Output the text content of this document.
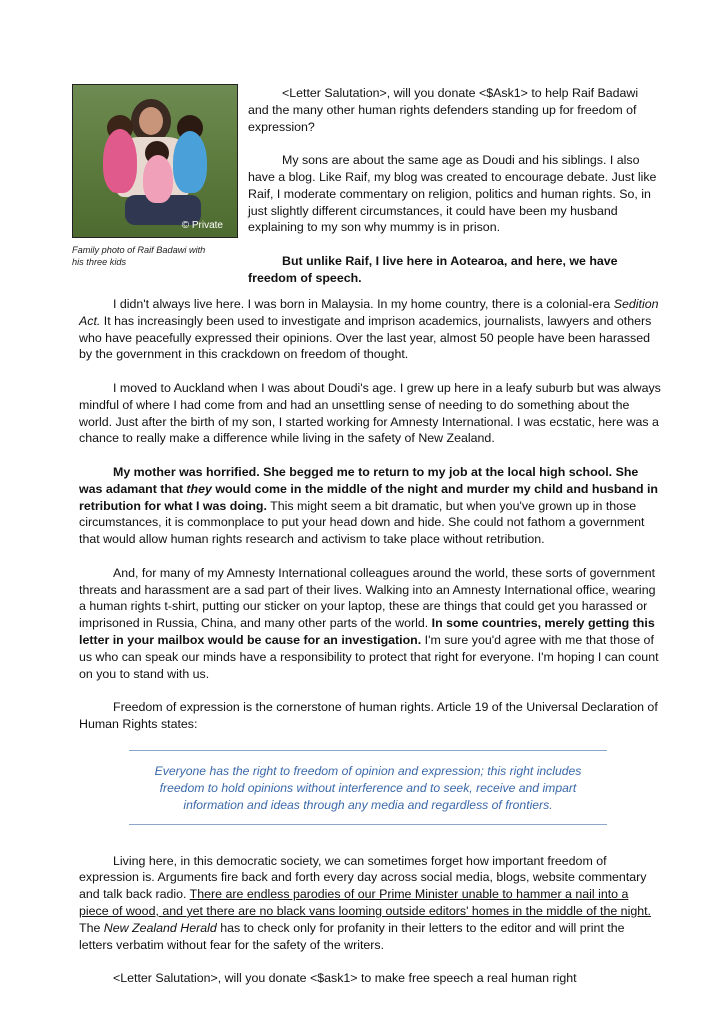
© Private
Family photo of Raif Badawi with
his three kids

<Letter Salutation>, will you donate <$Ask1> to help Raif Badawi and the many other human rights defenders standing up for freedom of expression?

My sons are about the same age as Doudi and his siblings. I also have a blog. Like Raif, my blog was created to encourage debate. Just like Raif, I moderate commentary on religion, politics and human rights. So, in just slightly different circumstances, it could have been my husband explaining to my son why mummy is in prison.

But unlike Raif, I live here in Aotearoa, and here, we have freedom of speech.

I didn't always live here. I was born in Malaysia. In my home country, there is a colonial-era Sedition Act. It has increasingly been used to investigate and imprison academics, journalists, lawyers and others who have peacefully expressed their opinions. Over the last year, almost 50 people have been harassed by the government in this crackdown on freedom of thought.

I moved to Auckland when I was about Doudi's age. I grew up here in a leafy suburb but was always mindful of where I had come from and had an unsettling sense of needing to do something about the world. Just after the birth of my son, I started working for Amnesty International. I was ecstatic, here was a chance to really make a difference while living in the safety of New Zealand.

My mother was horrified. She begged me to return to my job at the local high school. She was adamant that they would come in the middle of the night and murder my child and husband in retribution for what I was doing. This might seem a bit dramatic, but when you've grown up in those circumstances, it is commonplace to put your head down and hide. She could not fathom a government that would allow human rights research and activism to take place without retribution.

And, for many of my Amnesty International colleagues around the world, these sorts of government threats and harassment are a sad part of their lives. Walking into an Amnesty International office, wearing a human rights t-shirt, putting our sticker on your laptop, these are things that could get you harassed or imprisoned in Russia, China, and many other parts of the world. In some countries, merely getting this letter in your mailbox would be cause for an investigation. I'm sure you'd agree with me that those of us who can speak our minds have a responsibility to protect that right for everyone. I'm hoping I can count on you to stand with us.

Freedom of expression is the cornerstone of human rights. Article 19 of the Universal Declaration of Human Rights states:

Everyone has the right to freedom of opinion and expression; this right includes freedom to hold opinions without interference and to seek, receive and impart information and ideas through any media and regardless of frontiers.

Living here, in this democratic society, we can sometimes forget how important freedom of expression is. Arguments fire back and forth every day across social media, blogs, website commentary and talk back radio. There are endless parodies of our Prime Minister unable to hammer a nail into a piece of wood, and yet there are no black vans looming outside editors' homes in the middle of the night. The New Zealand Herald has to check only for profanity in their letters to the editor and will print the letters verbatim without fear for the safety of the writers.

<Letter Salutation>, will you donate <$ask1> to make free speech a real human right
